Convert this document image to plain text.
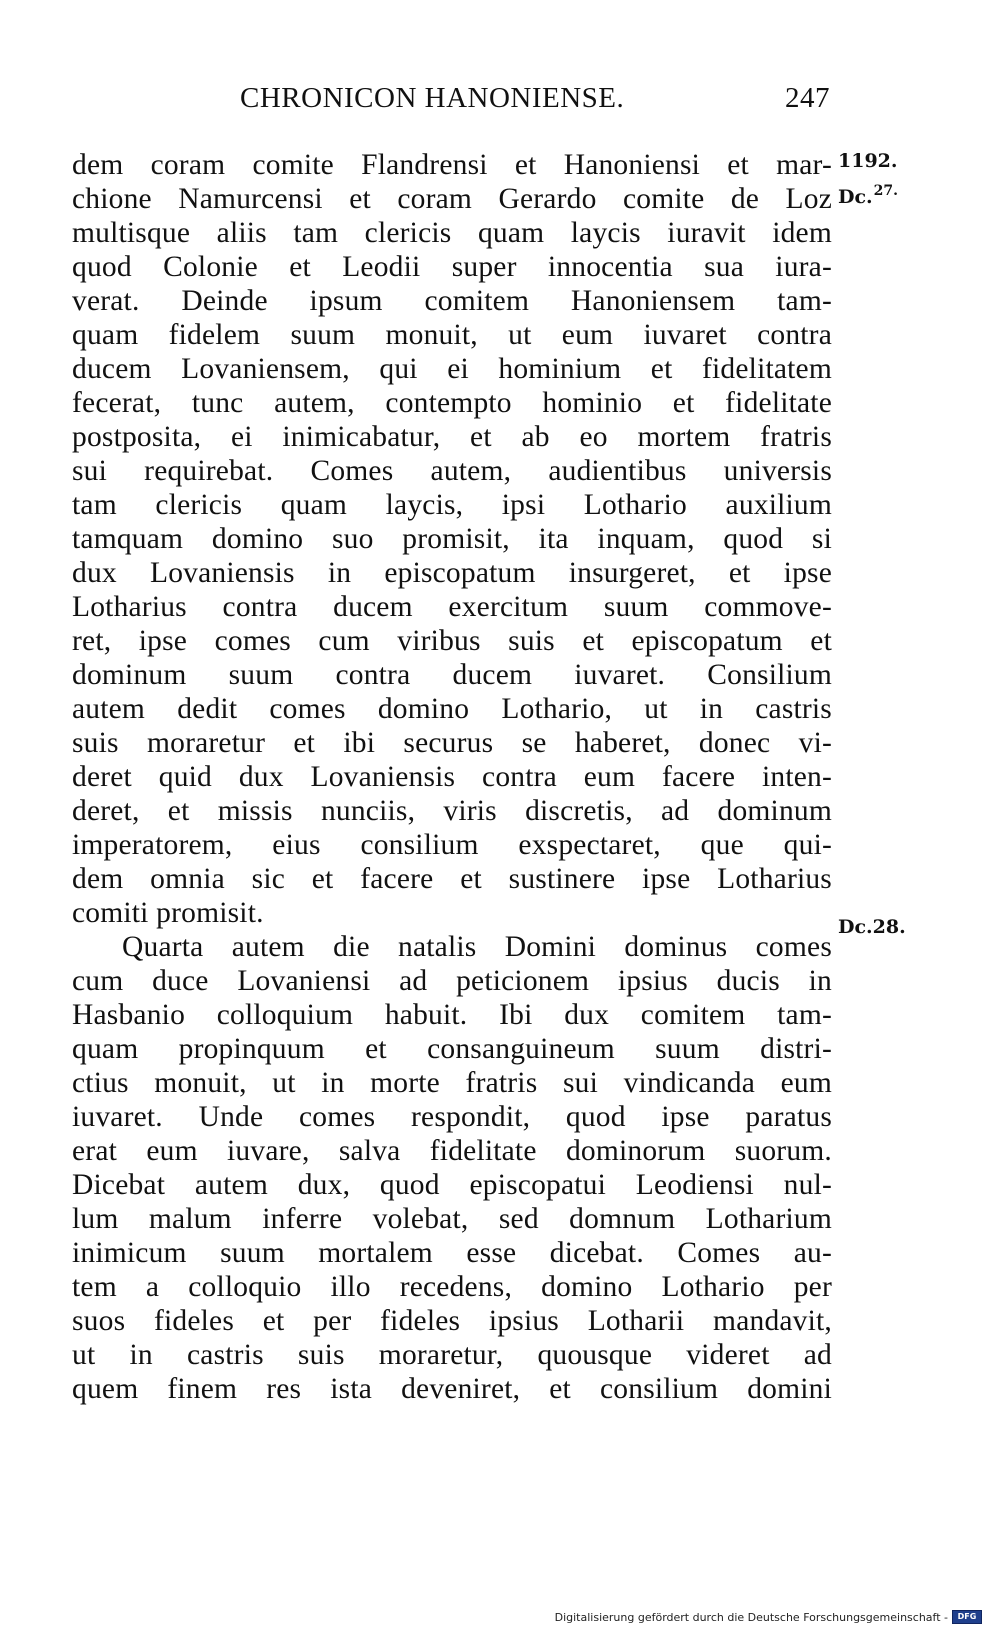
CHRONICON HANONIENSE.	247
1192.
Dc.$^{27.}$
Dc.28.
dem coram comite Flandrensi et Hanoniensi et mar-
chione Namurcensi et coram Gerardo comite de Loz
multisque aliis tam clericis quam laycis iuravit idem
quod Colonie et Leodii super innocentia sua iura-
verat. Deinde ipsum comitem Hanoniensem tam-
quam fidelem suum monuit, ut eum iuvaret contra
ducem Lovaniensem, qui ei hominium et fidelitatem
fecerat, tunc autem, contempto hominio et fidelitate
postposita, ei inimicabatur, et ab eo mortem fratris
sui requirebat. Comes autem, audientibus universis
tam clericis quam laycis, ipsi Lothario auxilium
tamquam domino suo promisit, ita inquam, quod si
dux Lovaniensis in episcopatum insurgeret, et ipse
Lotharius contra ducem exercitum suum commove-
ret, ipse comes cum viribus suis et episcopatum et
dominum suum contra ducem iuvaret. Consilium
autem dedit comes domino Lothario, ut in castris
suis moraretur et ibi securus se haberet, donec vi-
deret quid dux Lovaniensis contra eum facere inten-
deret, et missis nunciis, viris discretis, ad dominum
imperatorem, eius consilium exspectaret, que qui-
dem omnia sic et facere et sustinere ipse Lotharius
comiti promisit.
Quarta autem die natalis Domini dominus comes
cum duce Lovaniensi ad peticionem ipsius ducis in
Hasbanio colloquium habuit. Ibi dux comitem tam-
quam propinquum et consanguineum suum distri-
ctius monuit, ut in morte fratris sui vindicanda eum
iuvaret. Unde comes respondit, quod ipse paratus
erat eum iuvare, salva fidelitate dominorum suorum.
Dicebat autem dux, quod episcopatui Leodiensi nul-
lum malum inferre volebat, sed domnum Lotharium
inimicum suum mortalem esse dicebat. Comes au-
tem a colloquio illo recedens, domino Lothario per
suos fideles et per fideles ipsius Lotharii mandavit,
ut in castris suis moraretur, quousque videret ad
quem finem res ista deveniret, et consilium domini
Digitalisierung gefördert durch die Deutsche Forschungsgemeinschaft -	DFG
